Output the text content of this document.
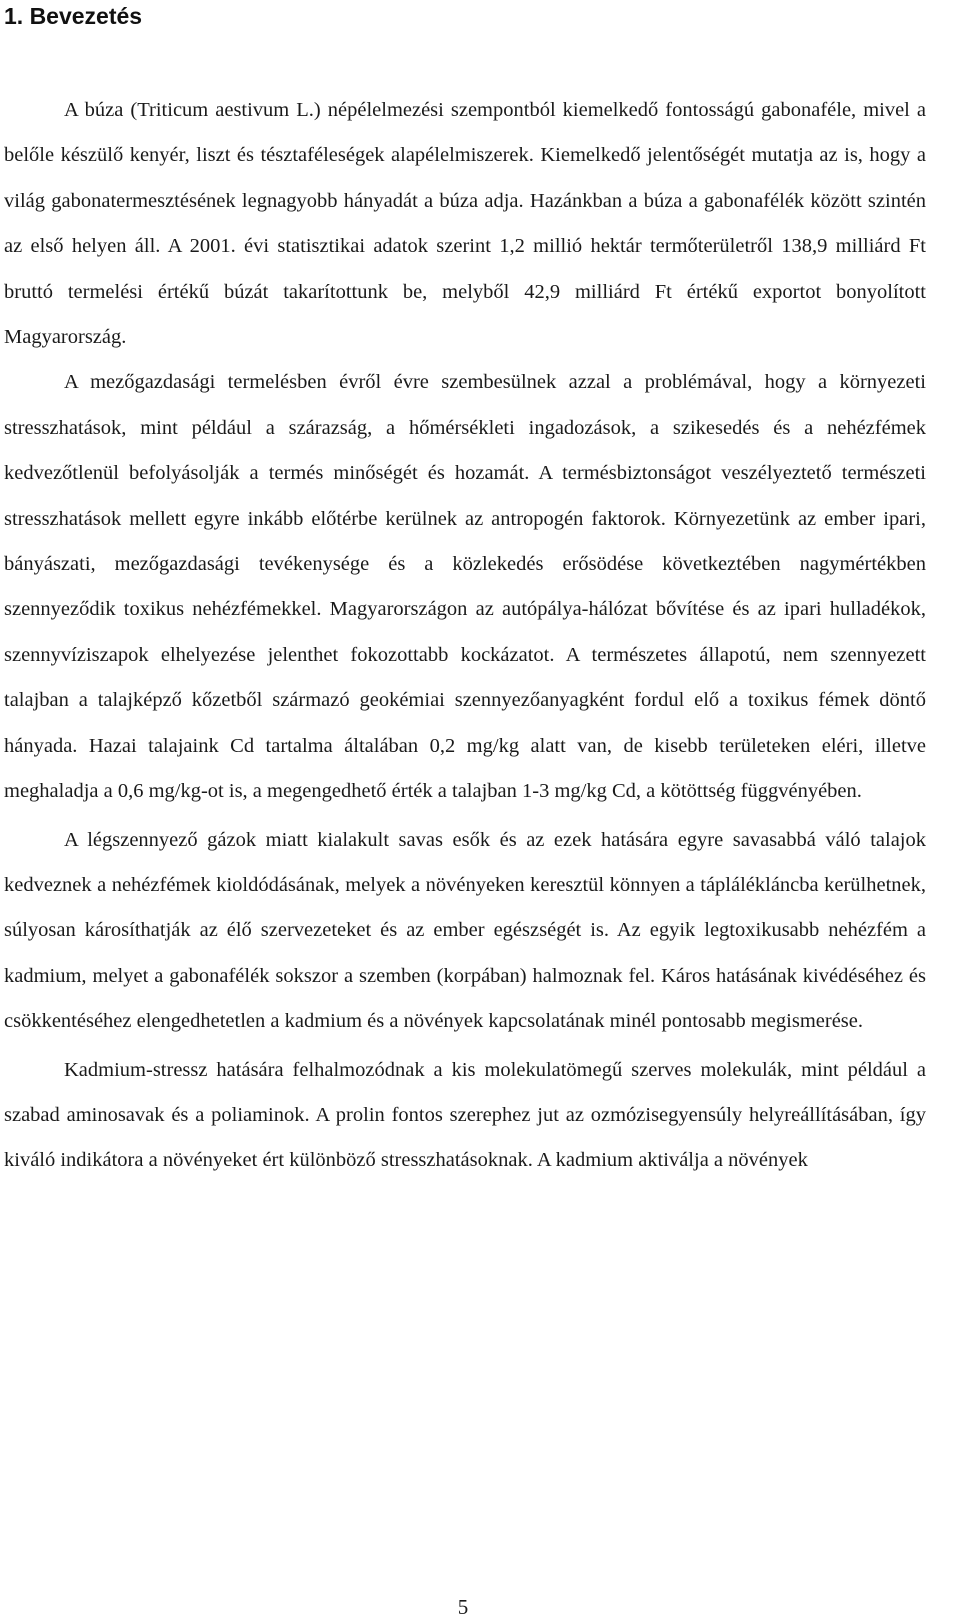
1. Bevezetés

A búza (Triticum aestivum L.) népélelmezési szempontból kiemelkedő fontosságú gabonaféle, mivel a belőle készülő kenyér, liszt és tésztaféleségek alapélelmiszerek. Kiemelkedő jelentőségét mutatja az is, hogy a világ gabonatermesztésének legnagyobb hányadát a búza adja. Hazánkban a búza a gabonafélék között szintén az első helyen áll. A 2001. évi statisztikai adatok szerint 1,2 millió hektár termőterületről 138,9 milliárd Ft bruttó termelési értékű búzát takarítottunk be, melyből 42,9 milliárd Ft értékű exportot bonyolított Magyarország.

A mezőgazdasági termelésben évről évre szembesülnek azzal a problémával, hogy a környezeti stresszhatások, mint például a szárazság, a hőmérsékleti ingadozások, a szikesedés és a nehézfémek kedvezőtlenül befolyásolják a termés minőségét és hozamát. A termésbiztonságot veszélyeztető természeti stresszhatások mellett egyre inkább előtérbe kerülnek az antropogén faktorok. Környezetünk az ember ipari, bányászati, mezőgazdasági tevékenysége és a közlekedés erősödése következtében nagymértékben szennyeződik toxikus nehézfémekkel. Magyarországon az autópálya-hálózat bővítése és az ipari hulladékok, szennyvíziszapok elhelyezése jelenthet fokozottabb kockázatot. A természetes állapotú, nem szennyezett talajban a talajképző kőzetből származó geokémiai szennyezőanyagként fordul elő a toxikus fémek döntő hányada. Hazai talajaink Cd tartalma általában 0,2 mg/kg alatt van, de kisebb területeken eléri, illetve meghaladja a 0,6 mg/kg-ot is, a megengedhető érték a talajban 1-3 mg/kg Cd, a kötöttség függvényében.

A légszennyező gázok miatt kialakult savas esők és az ezek hatására egyre savasabbá váló talajok kedveznek a nehézfémek kioldódásának, melyek a növényeken keresztül könnyen a táplálékláncba kerülhetnek, súlyosan károsíthatják az élő szervezeteket és az ember egészségét is. Az egyik legtoxikusabb nehézfém a kadmium, melyet a gabonafélék sokszor a szemben (korpában) halmoznak fel. Káros hatásának kivédéséhez és csökkentéséhez elengedhetetlen a kadmium és a növények kapcsolatának minél pontosabb megismerése.

Kadmium-stressz hatására felhalmozódnak a kis molekulatömegű szerves molekulák, mint például a szabad aminosavak és a poliaminok. A prolin fontos szerephez jut az ozmózisegyensúly helyreállításában, így kiváló indikátora a növényeket ért különböző stresszhatásoknak. A kadmium aktiválja a növények

5
